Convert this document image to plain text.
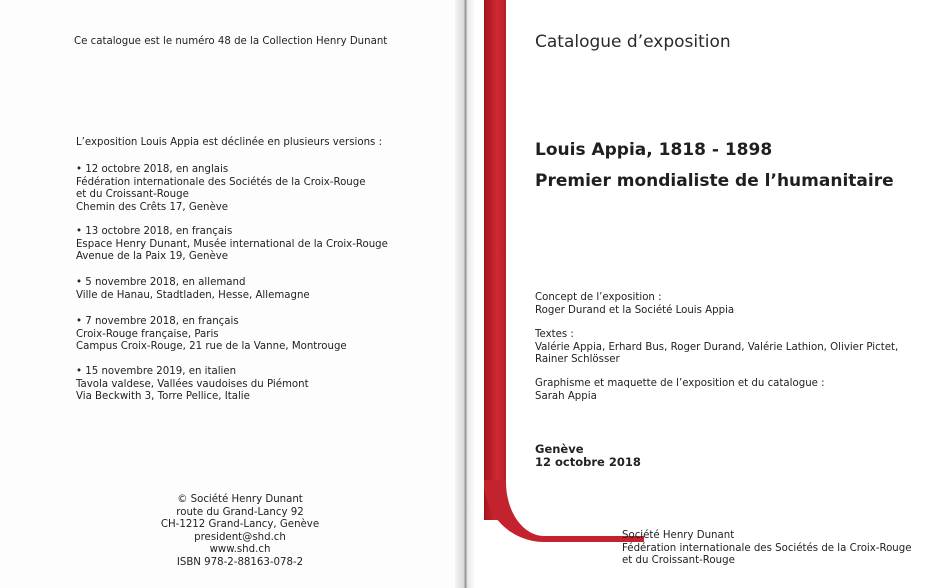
Ce catalogue est le numéro 48 de la Collection Henry Dunant
L’exposition Louis Appia est déclinée en plusieurs versions :
• 12 octobre 2018, en anglais
Fédération internationale des Sociétés de la Croix-Rouge
et du Croissant-Rouge
Chemin des Crêts 17, Genève
• 13 octobre 2018, en français
Espace Henry Dunant, Musée international de la Croix-Rouge
Avenue de la Paix 19, Genève
• 5 novembre 2018, en allemand
Ville de Hanau, Stadtladen, Hesse, Allemagne
• 7 novembre 2018, en français
Croix-Rouge française, Paris
Campus Croix-Rouge, 21 rue de la Vanne, Montrouge
• 15 novembre 2019, en italien
Tavola valdese, Vallées vaudoises du Piémont
Via Beckwith 3, Torre Pellice, Italie
© Société Henry Dunant
route du Grand-Lancy 92
CH-1212 Grand-Lancy, Genève
president@shd.ch
www.shd.ch
ISBN 978-2-88163-078-2
Catalogue d’exposition
Louis Appia, 1818 - 1898
Premier mondialiste de l’humanitaire
Concept de l’exposition :
Roger Durand et la Société Louis Appia
Textes :
Valérie Appia, Erhard Bus, Roger Durand, Valérie Lathion, Olivier Pictet,
Rainer Schlösser
Graphisme et maquette de l’exposition et du catalogue :
Sarah Appia
Genève
12 octobre 2018
Société Henry Dunant
Fédération internationale des Sociétés de la Croix-Rouge
et du Croissant-Rouge
